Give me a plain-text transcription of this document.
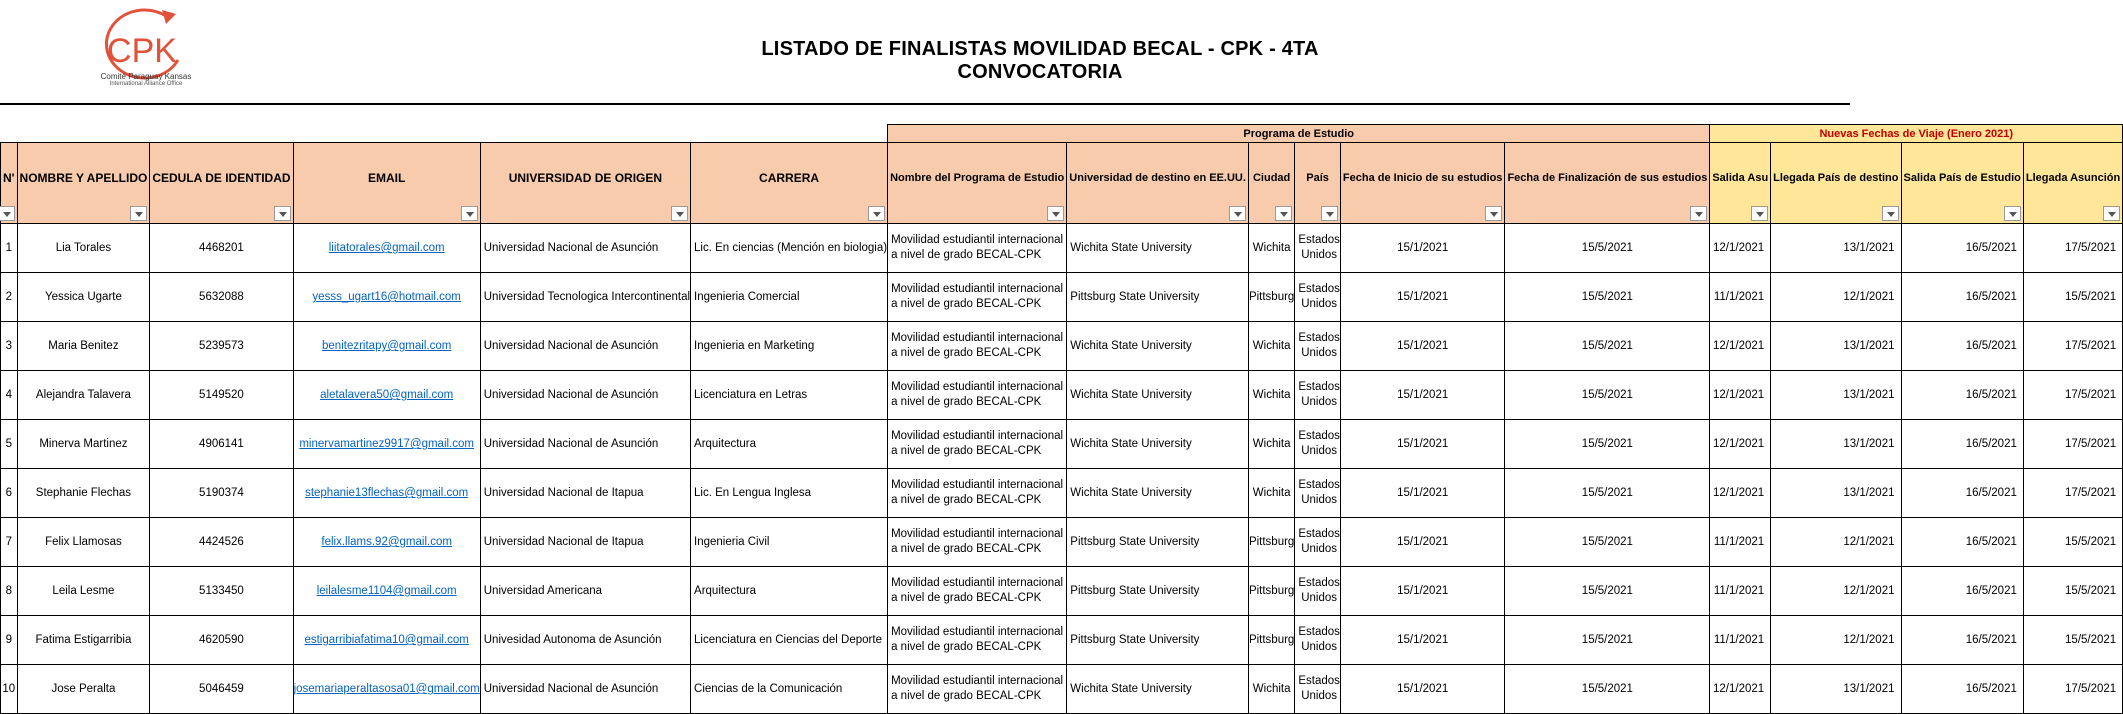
CPK
Comité Paraguay Kansas
International Alliance Office
LISTADO DE FINALISTAS MOVILIDAD BECAL - CPK - 4TA CONVOCATORIA
						Programa de Estudio						Nuevas Fechas de Viaje (Enero 2021)			

N'	NOMBRE Y APELLIDO	CEDULA DE IDENTIDAD	EMAIL	UNIVERSIDAD DE ORIGEN	CARRERA	Nombre del Programa de Estudio	Universidad de destino en EE.UU.	Ciudad	País	Fecha de Inicio de su estudios	Fecha de Finalización de sus estudios	Salida Asu	Llegada País de destino	Salida País de Estudio	Llegada Asunción

1	Lia Torales	4468201	liitatorales@gmail.com	Universidad Nacional de Asunción	Lic. En ciencias (Mención en biologia)	Movilidad estudiantil internacional a nivel de grado BECAL-CPK	Wichita State University	Wichita	Estados Unidos	15/1/2021	15/5/2021	12/1/2021	13/1/2021	16/5/2021	17/5/2021
2	Yessica Ugarte	5632088	yesss_ugart16@hotmail.com	Universidad Tecnologica Intercontinental	Ingenieria Comercial	Movilidad estudiantil internacional a nivel de grado BECAL-CPK	Pittsburg State University	Pittsburg	Estados Unidos	15/1/2021	15/5/2021	11/1/2021	12/1/2021	16/5/2021	15/5/2021
3	Maria Benitez	5239573	benitezritapy@gmail.com	Universidad Nacional de Asunción	Ingenieria en Marketing	Movilidad estudiantil internacional a nivel de grado BECAL-CPK	Wichita State University	Wichita	Estados Unidos	15/1/2021	15/5/2021	12/1/2021	13/1/2021	16/5/2021	17/5/2021
4	Alejandra Talavera	5149520	aletalavera50@gmail.com	Universidad Nacional de Asunción	Licenciatura en Letras	Movilidad estudiantil internacional a nivel de grado BECAL-CPK	Wichita State University	Wichita	Estados Unidos	15/1/2021	15/5/2021	12/1/2021	13/1/2021	16/5/2021	17/5/2021
5	Minerva Martinez	4906141	minervamartinez9917@gmail.com	Universidad Nacional de Asunción	Arquitectura	Movilidad estudiantil internacional a nivel de grado BECAL-CPK	Wichita State University	Wichita	Estados Unidos	15/1/2021	15/5/2021	12/1/2021	13/1/2021	16/5/2021	17/5/2021
6	Stephanie Flechas	5190374	stephanie13flechas@gmail.com	Universidad Nacional de Itapua	Lic. En Lengua Inglesa	Movilidad estudiantil internacional a nivel de grado BECAL-CPK	Wichita State University	Wichita	Estados Unidos	15/1/2021	15/5/2021	12/1/2021	13/1/2021	16/5/2021	17/5/2021
7	Felix Llamosas	4424526	felix.llams.92@gmail.com	Universidad Nacional de Itapua	Ingenieria Civil	Movilidad estudiantil internacional a nivel de grado BECAL-CPK	Pittsburg State University	Pittsburg	Estados Unidos	15/1/2021	15/5/2021	11/1/2021	12/1/2021	16/5/2021	15/5/2021
8	Leila Lesme	5133450	leilalesme1104@gmail.com	Universidad Americana	Arquitectura	Movilidad estudiantil internacional a nivel de grado BECAL-CPK	Pittsburg State University	Pittsburg	Estados Unidos	15/1/2021	15/5/2021	11/1/2021	12/1/2021	16/5/2021	15/5/2021
9	Fatima Estigarribia	4620590	estigarribiafatima10@gmail.com	Univesidad Autonoma de Asunción	Licenciatura en Ciencias del Deporte	Movilidad estudiantil internacional a nivel de grado BECAL-CPK	Pittsburg State University	Pittsburg	Estados Unidos	15/1/2021	15/5/2021	11/1/2021	12/1/2021	16/5/2021	15/5/2021
10	Jose Peralta	5046459	josemariaperaltasosa01@gmail.com	Universidad Nacional de Asunción	Ciencias de la Comunicación	Movilidad estudiantil internacional a nivel de grado BECAL-CPK	Wichita State University	Wichita	Estados Unidos	15/1/2021	15/5/2021	12/1/2021	13/1/2021	16/5/2021	17/5/2021
